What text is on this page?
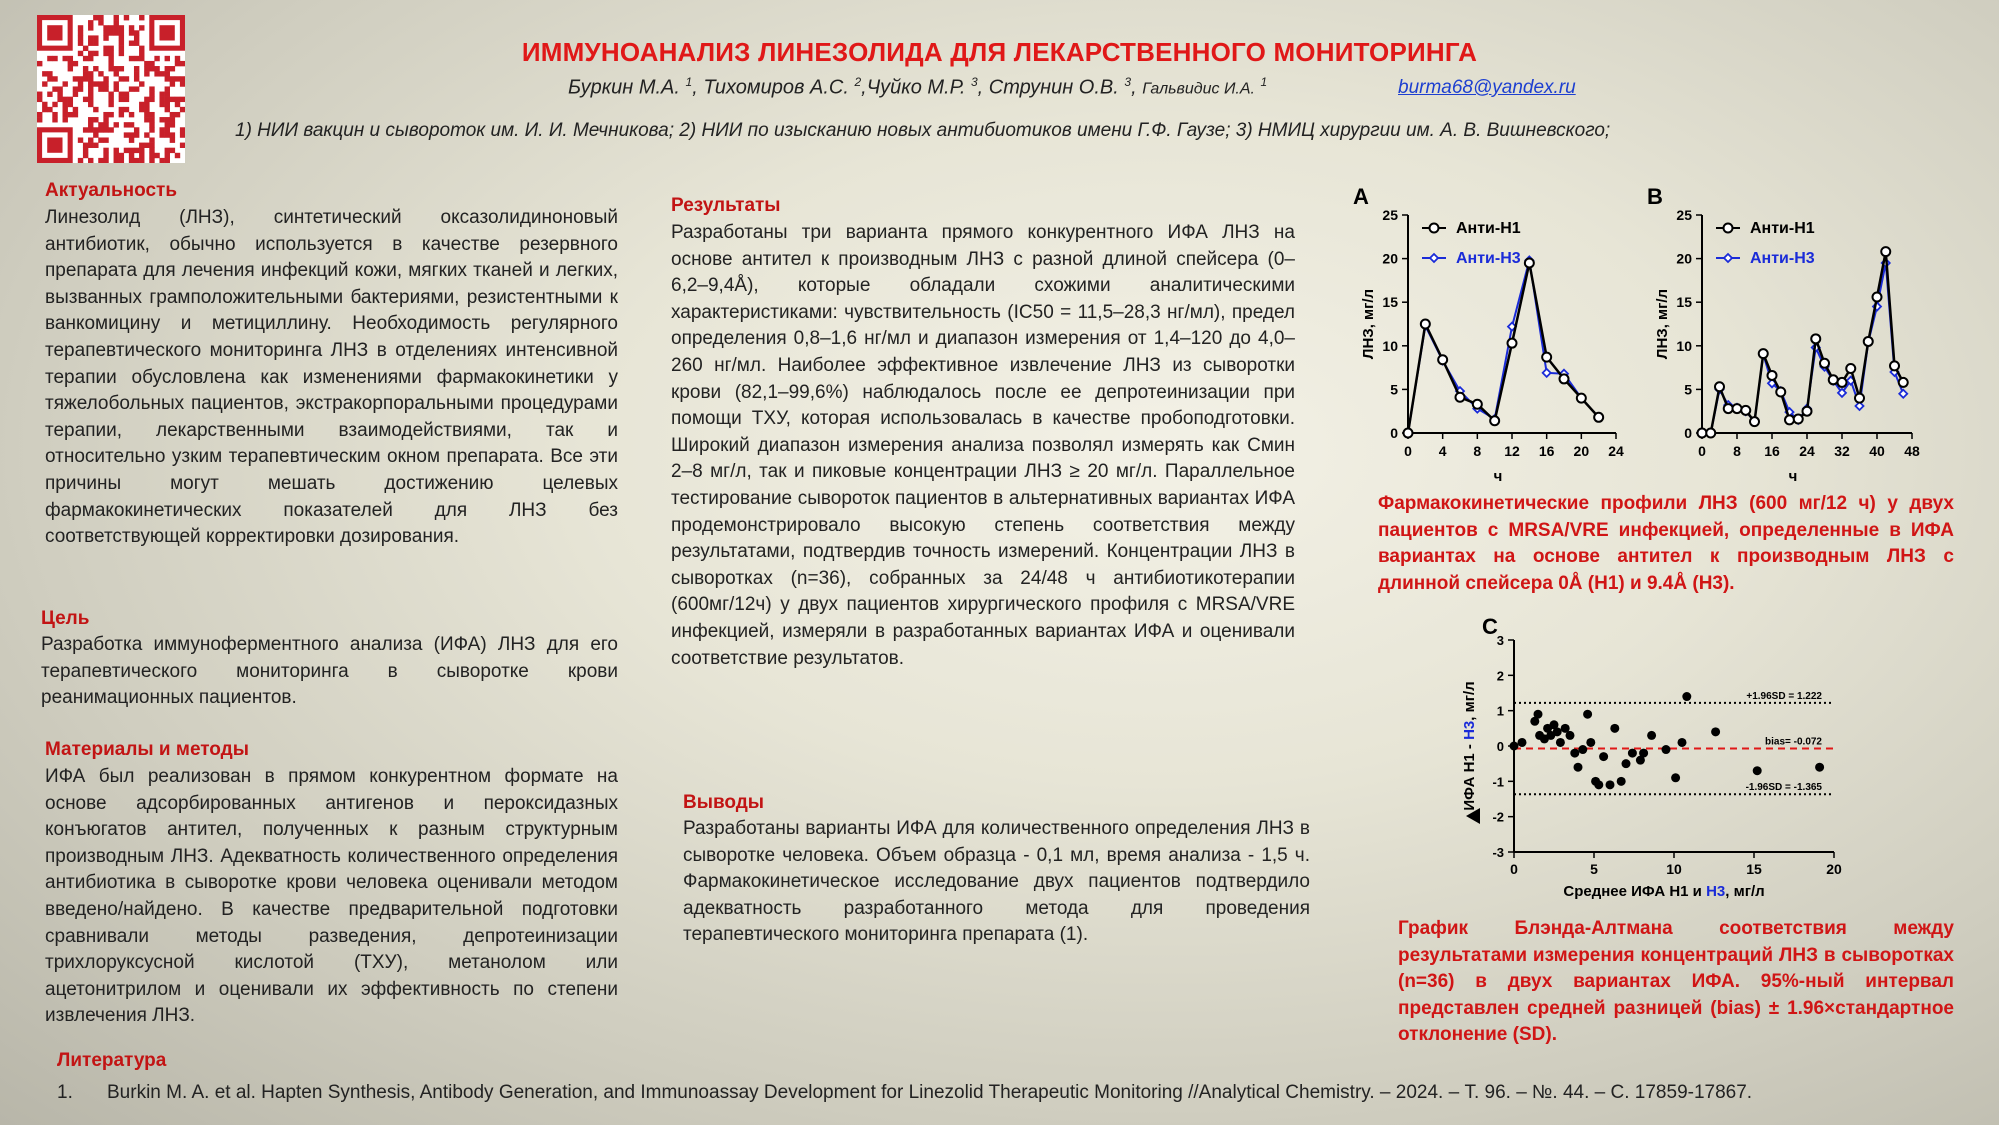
ИММУНОАНАЛИЗ ЛИНЕЗОЛИДА ДЛЯ ЛЕКАРСТВЕННОГО МОНИТОРИНГА
Буркин М.А. $^1$, Тихомиров А.С. $^2$,Чуйко М.Р. $^3$, Струнин О.В. $^3$, Гальвидис И.А. $^1$	burma68@yandex.ru
1) НИИ вакцин и сывороток им. И. И. Мечникова; 2) НИИ по изысканию новых антибиотиков имени Г.Ф. Гаузе; 3) НМИЦ хирургии им. А. В. Вишневского;
Актуальность
Линезолид (ЛНЗ), синтетический оксазолидиноновый антибиотик, обычно используется в качестве резервного препарата для лечения инфекций кожи, мягких тканей и легких, вызванных грамположительными бактериями, резистентными к ванкомицину и метициллину. Необходимость регулярного терапевтического мониторинга ЛНЗ в отделениях интенсивной терапии обусловлена как изменениями фармакокинетики у тяжелобольных пациентов, экстракорпоральными процедурами терапии, лекарственными взаимодействиями, так и относительно узким терапевтическим окном препарата. Все эти причины могут мешать достижению целевых фармакокинетических показателей для ЛНЗ без соответствующей корректировки дозирования.
Цель
Разработка иммуноферментного анализа (ИФА) ЛНЗ для его терапевтического мониторинга в сыворотке крови реанимационных пациентов.
Материалы и методы
ИФА был реализован в прямом конкурентном формате на основе адсорбированных антигенов и пероксидазных конъюгатов антител, полученных к разным структурным производным ЛНЗ. Адекватность количественного определения антибиотика в сыворотке крови человека оценивали методом введено/найдено. В качестве предварительной подготовки сравнивали методы разведения, депротеинизации трихлоруксусной кислотой (ТХУ), метанолом или ацетонитрилом и оценивали их эффективность по степени извлечения ЛНЗ.
Результаты
Разработаны три варианта прямого конкурентного ИФА ЛНЗ на основе антител к производным ЛНЗ с разной длиной спейсера (0–6,2–9,4Å), которые обладали схожими аналитическими характеристиками: чувствительность (IC50 = 11,5–28,3 нг/мл), предел определения 0,8–1,6 нг/мл и диапазон измерения от 1,4–120 до 4,0–260 нг/мл. Наиболее эффективное извлечение ЛНЗ из сыворотки крови (82,1–99,6%) наблюдалось после ее депротеинизации при помощи ТХУ, которая использовалась в качестве пробоподготовки. Широкий диапазон измерения анализа позволял измерять как Смин 2–8 мг/л, так и пиковые концентрации ЛНЗ ≥ 20 мг/л. Параллельное тестирование сывороток пациентов в альтернативных вариантах ИФА продемонстрировало высокую степень соответствия между результатами, подтвердив точность измерений. Концентрации ЛНЗ в сыворотках (n=36), собранных за 24/48 ч антибиотикотерапии (600мг/12ч) у двух пациентов хирургического профиля с MRSA/VRE инфекцией, измеряли в разработанных вариантах ИФА и оценивали соответствие результатов.
Выводы
Разработаны варианты ИФА для количественного определения ЛНЗ в сыворотке человека. Объем образца - 0,1 мл, время анализа - 1,5 ч. Фармакокинетическое исследование двух пациентов подтвердило адекватность разработанного метода для проведения терапевтического мониторинга препарата (1).
Литература
1. Burkin M. A. et al. Hapten Synthesis, Antibody Generation, and Immunoassay Development for Linezolid Therapeutic Monitoring //Analytical Chemistry. – 2024. – Т. 96. – №. 44. – С. 17859-17867.
A
0
5
10
15
20
25
0 4 8 12 16 20 24
ч
ЛНЗ, мг/л
Анти-H1
Анти-H3
B
0
5
10
15
20
25
0 8 16 24 32 40 48
ч
ЛНЗ, мг/л
Анти-H1
Анти-H3
Фармакокинетические профили ЛНЗ (600 мг/12 ч) у двух пациентов с MRSA/VRE инфекцией, определенные в ИФА вариантах на основе антител к производным ЛНЗ с длинной спейсера 0Å (H1) и 9.4Å (H3).
C
-3
-2
-1
0
1
2
3
0	5	10	15	20
+1.96SD = 1.222
bias= -0.072
-1.96SD = -1.365
Среднее ИФА H1 и H3, мг/л
ИФА H1 - H3, мг/л
График Блэнда-Алтмана соответствия между результатами измерения концентраций ЛНЗ в сыворотках (n=36) в двух вариантах ИФА. 95%-ный интервал представлен средней разницей (bias) ± 1.96×стандартное отклонение (SD).
